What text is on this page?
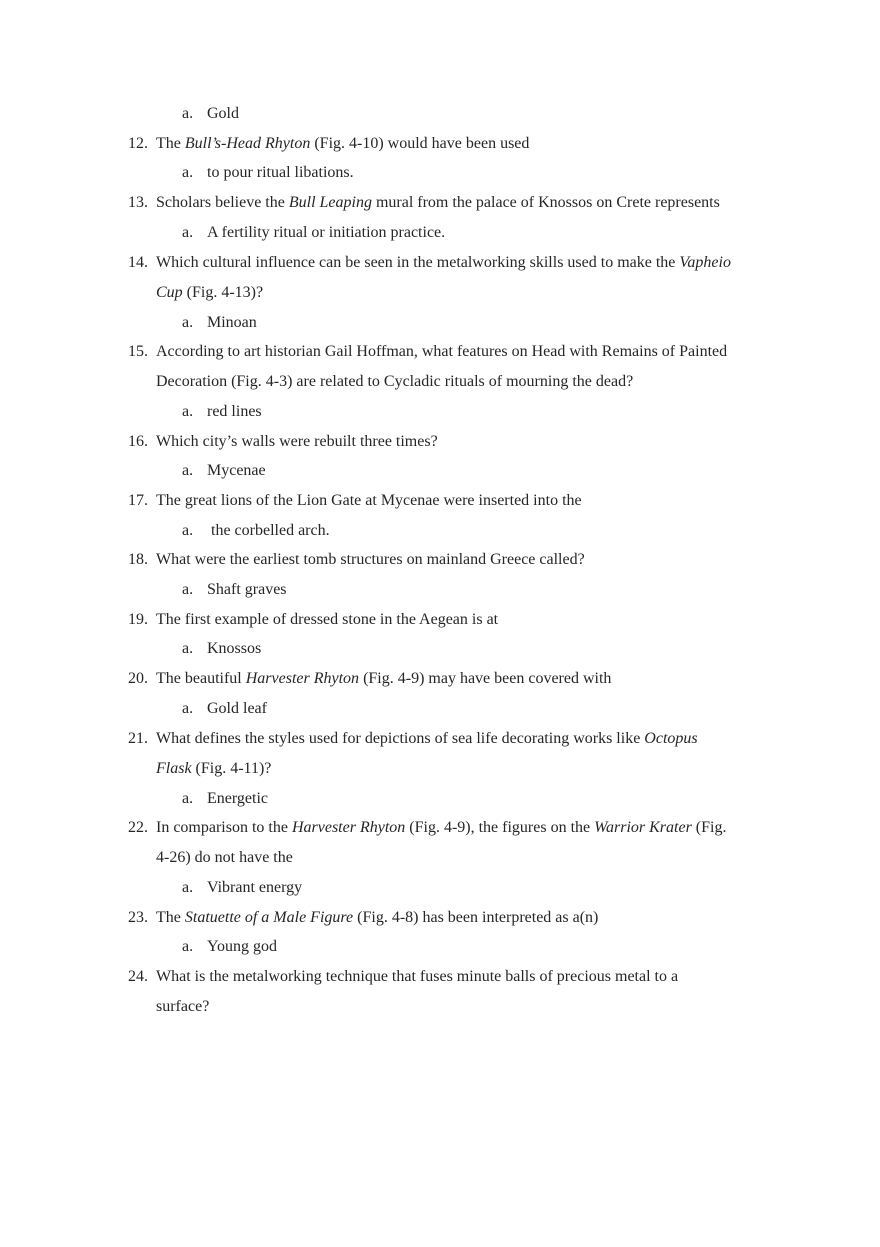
a. Gold
12. The Bull’s-Head Rhyton (Fig. 4-10) would have been used
a. to pour ritual libations.
13. Scholars believe the Bull Leaping mural from the palace of Knossos on Crete represents
a. A fertility ritual or initiation practice.
14. Which cultural influence can be seen in the metalworking skills used to make the Vapheio
Cup (Fig. 4-13)?
a. Minoan
15. According to art historian Gail Hoffman, what features on Head with Remains of Painted
Decoration (Fig. 4-3) are related to Cycladic rituals of mourning the dead?
a. red lines
16. Which city’s walls were rebuilt three times?
a. Mycenae
17. The great lions of the Lion Gate at Mycenae were inserted into the
a. the corbelled arch.
18. What were the earliest tomb structures on mainland Greece called?
a. Shaft graves
19. The first example of dressed stone in the Aegean is at
a. Knossos
20. The beautiful Harvester Rhyton (Fig. 4-9) may have been covered with
a. Gold leaf
21. What defines the styles used for depictions of sea life decorating works like Octopus
Flask (Fig. 4-11)?
a. Energetic
22. In comparison to the Harvester Rhyton (Fig. 4-9), the figures on the Warrior Krater (Fig.
4-26) do not have the
a. Vibrant energy
23. The Statuette of a Male Figure (Fig. 4-8) has been interpreted as a(n)
a. Young god
24. What is the metalworking technique that fuses minute balls of precious metal to a
surface?
